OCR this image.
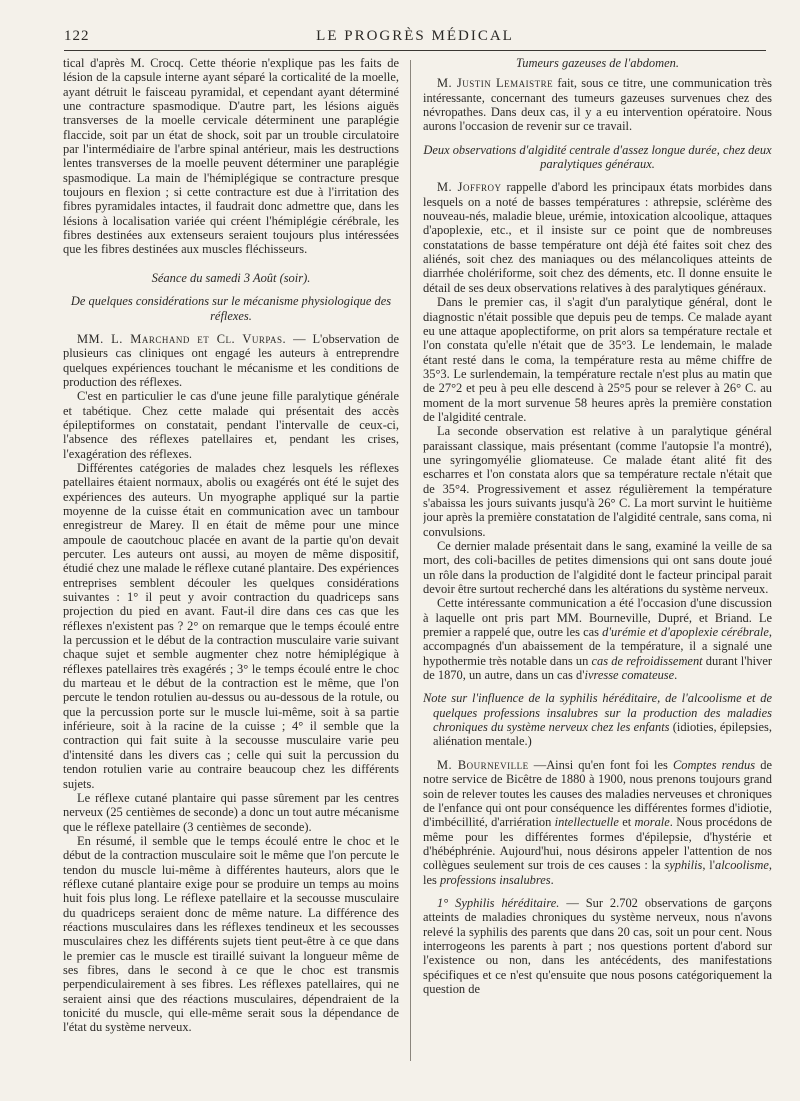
122	LE PROGRÈS MÉDICAL

tical d'après M. Crocq. Cette théorie n'explique pas les faits de lésion de la capsule interne ayant séparé la corticalité de la moelle, ayant détruit le faisceau pyramidal, et cependant ayant déterminé une contracture spasmodique. D'autre part, les lésions aiguës transverses de la moelle cervicale déterminent une paraplégie flaccide, soit par un état de shock, soit par un trouble circulatoire par l'intermédiaire de l'arbre spinal antérieur, mais les destructions lentes transverses de la moelle peuvent déterminer une paraplégie spasmodique. La main de l'hémiplégique se contracture presque toujours en flexion ; si cette contracture est due à l'irritation des fibres pyramidales intactes, il faudrait donc admettre que, dans les lésions à localisation variée qui créent l'hémiplégie cérébrale, les fibres destinées aux extenseurs seraient toujours plus intéressées que les fibres destinées aux muscles fléchisseurs.

Séance du samedi 3 Août (soir).

De quelques considérations sur le mécanisme physiologique des réflexes.

MM. L. Marchand et Cl. Vurpas. — L'observation de plusieurs cas cliniques ont engagé les auteurs à entreprendre quelques expériences touchant le mécanisme et les conditions de production des réflexes.

C'est en particulier le cas d'une jeune fille paralytique générale et tabétique. Chez cette malade qui présentait des accès épileptiformes on constatait, pendant l'intervalle de ceux-ci, l'absence des réflexes patellaires et, pendant les crises, l'exagération des réflexes.

Différentes catégories de malades chez lesquels les réflexes patellaires étaient normaux, abolis ou exagérés ont été le sujet des expériences des auteurs. Un myographe appliqué sur la partie moyenne de la cuisse était en communication avec un tambour enregistreur de Marey. Il en était de même pour une mince ampoule de caoutchouc placée en avant de la partie qu'on devait percuter. Les auteurs ont aussi, au moyen de même dispositif, étudié chez une malade le réflexe cutané plantaire. Des expériences entreprises semblent découler les quelques considérations suivantes : 1° il peut y avoir contraction du quadriceps sans projection du pied en avant. Faut-il dire dans ces cas que les réflexes n'existent pas ? 2° on remarque que le temps écoulé entre la percussion et le début de la contraction musculaire varie suivant chaque sujet et semble augmenter chez notre hémiplégique à réflexes patellaires très exagérés ; 3° le temps écoulé entre le choc du marteau et le début de la contraction est le même, que l'on percute le tendon rotulien au-dessus ou au-dessous de la rotule, ou que la percussion porte sur le muscle lui-même, soit à sa partie inférieure, soit à la racine de la cuisse ; 4° il semble que la contraction qui fait suite à la secousse musculaire varie peu d'intensité dans les divers cas ; celle qui suit la percussion du tendon rotulien varie au contraire beaucoup chez les différents sujets.

Le réflexe cutané plantaire qui passe sûrement par les centres nerveux (25 centièmes de seconde) a donc un tout autre mécanisme que le réflexe patellaire (3 centièmes de seconde).

En résumé, il semble que le temps écoulé entre le choc et le début de la contraction musculaire soit le même que l'on percute le tendon du muscle lui-même à différentes hauteurs, alors que le réflexe cutané plantaire exige pour se produire un temps au moins huit fois plus long. Le réflexe patellaire et la secousse musculaire du quadriceps seraient donc de même nature. La différence des réactions musculaires dans les réflexes tendineux et les secousses musculaires chez les différents sujets tient peut-être à ce que dans le premier cas le muscle est tiraillé suivant la longueur même de ses fibres, dans le second à ce que le choc est transmis perpendiculairement à ses fibres. Les réflexes patellaires, qui ne seraient ainsi que des réactions musculaires, dépendraient de la tonicité du muscle, qui elle-même serait sous la dépendance de l'état du système nerveux.

Tumeurs gazeuses de l'abdomen.

M. Justin Lemaistre fait, sous ce titre, une communication très intéressante, concernant des tumeurs gazeuses survenues chez des névropathes. Dans deux cas, il y a eu intervention opératoire. Nous aurons l'occasion de revenir sur ce travail.

Deux observations d'algidité centrale d'assez longue durée, chez deux paralytiques généraux.

M. Joffroy rappelle d'abord les principaux états morbides dans lesquels on a noté de basses températures : athrepsie, sclérème des nouveau-nés, maladie bleue, urémie, intoxication alcoolique, attaques d'apoplexie, etc., et il insiste sur ce point que de nombreuses constatations de basse température ont déjà été faites soit chez des aliénés, soit chez des maniaques ou des mélancoliques atteints de diarrhée cholériforme, soit chez des déments, etc. Il donne ensuite le détail de ses deux observations relatives à des paralytiques généraux.

Dans le premier cas, il s'agit d'un paralytique général, dont le diagnostic n'était possible que depuis peu de temps. Ce malade ayant eu une attaque apoplectiforme, on prit alors sa température rectale et l'on constata qu'elle n'était que de 35°3. Le lendemain, le malade étant resté dans le coma, la température resta au même chiffre de 35°3. Le surlendemain, la température rectale n'est plus au matin que de 27°2 et peu à peu elle descend à 25°5 pour se relever à 26° C. au moment de la mort survenue 58 heures après la première constation de l'algidité centrale.

La seconde observation est relative à un paralytique général paraissant classique, mais présentant (comme l'autopsie l'a montré), une syringomyélie gliomateuse. Ce malade étant alité fit des escharres et l'on constata alors que sa température rectale n'était que de 35°4. Progressivement et assez régulièrement la température s'abaissa les jours suivants jusqu'à 26° C. La mort survint le huitième jour après la première constatation de l'algidité centrale, sans coma, ni convulsions.

Ce dernier malade présentait dans le sang, examiné la veille de sa mort, des coli-bacilles de petites dimensions qui ont sans doute joué un rôle dans la production de l'algidité dont le facteur principal parait devoir être surtout recherché dans les altérations du système nerveux.

Cette intéressante communication a été l'occasion d'une discussion à laquelle ont pris part MM. Bourneville, Dupré, et Briand. Le premier a rappelé que, outre les cas d'urémie et d'apoplexie cérébrale, accompagnés d'un abaissement de la température, il a signalé une hypothermie très notable dans un cas de refroidissement durant l'hiver de 1870, un autre, dans un cas d'ivresse comateuse.

Note sur l'influence de la syphilis héréditaire, de l'alcoolisme et de quelques professions insalubres sur la production des maladies chroniques du système nerveux chez les enfants (idioties, épilepsies, aliénation mentale.)

M. Bourneville —Ainsi qu'en font foi les Comptes rendus de notre service de Bicêtre de 1880 à 1900, nous prenons toujours grand soin de relever toutes les causes des maladies nerveuses et chroniques de l'enfance qui ont pour conséquence les différentes formes d'idiotie, d'imbécillité, d'arriération intellectuelle et morale. Nous procédons de même pour les différentes formes d'épilepsie, d'hystérie et d'hébéphrénie. Aujourd'hui, nous désirons appeler l'attention de nos collègues seulement sur trois de ces causes : la syphilis, l'alcoolisme, les professions insalubres.

1° Syphilis héréditaire. — Sur 2.702 observations de garçons atteints de maladies chroniques du système nerveux, nous n'avons relevé la syphilis des parents que dans 20 cas, soit un pour cent. Nous interrogeons les parents à part ; nos questions portent d'abord sur l'existence ou non, dans les antécédents, des manifestations spécifiques et ce n'est qu'ensuite que nous posons catégoriquement la question de
